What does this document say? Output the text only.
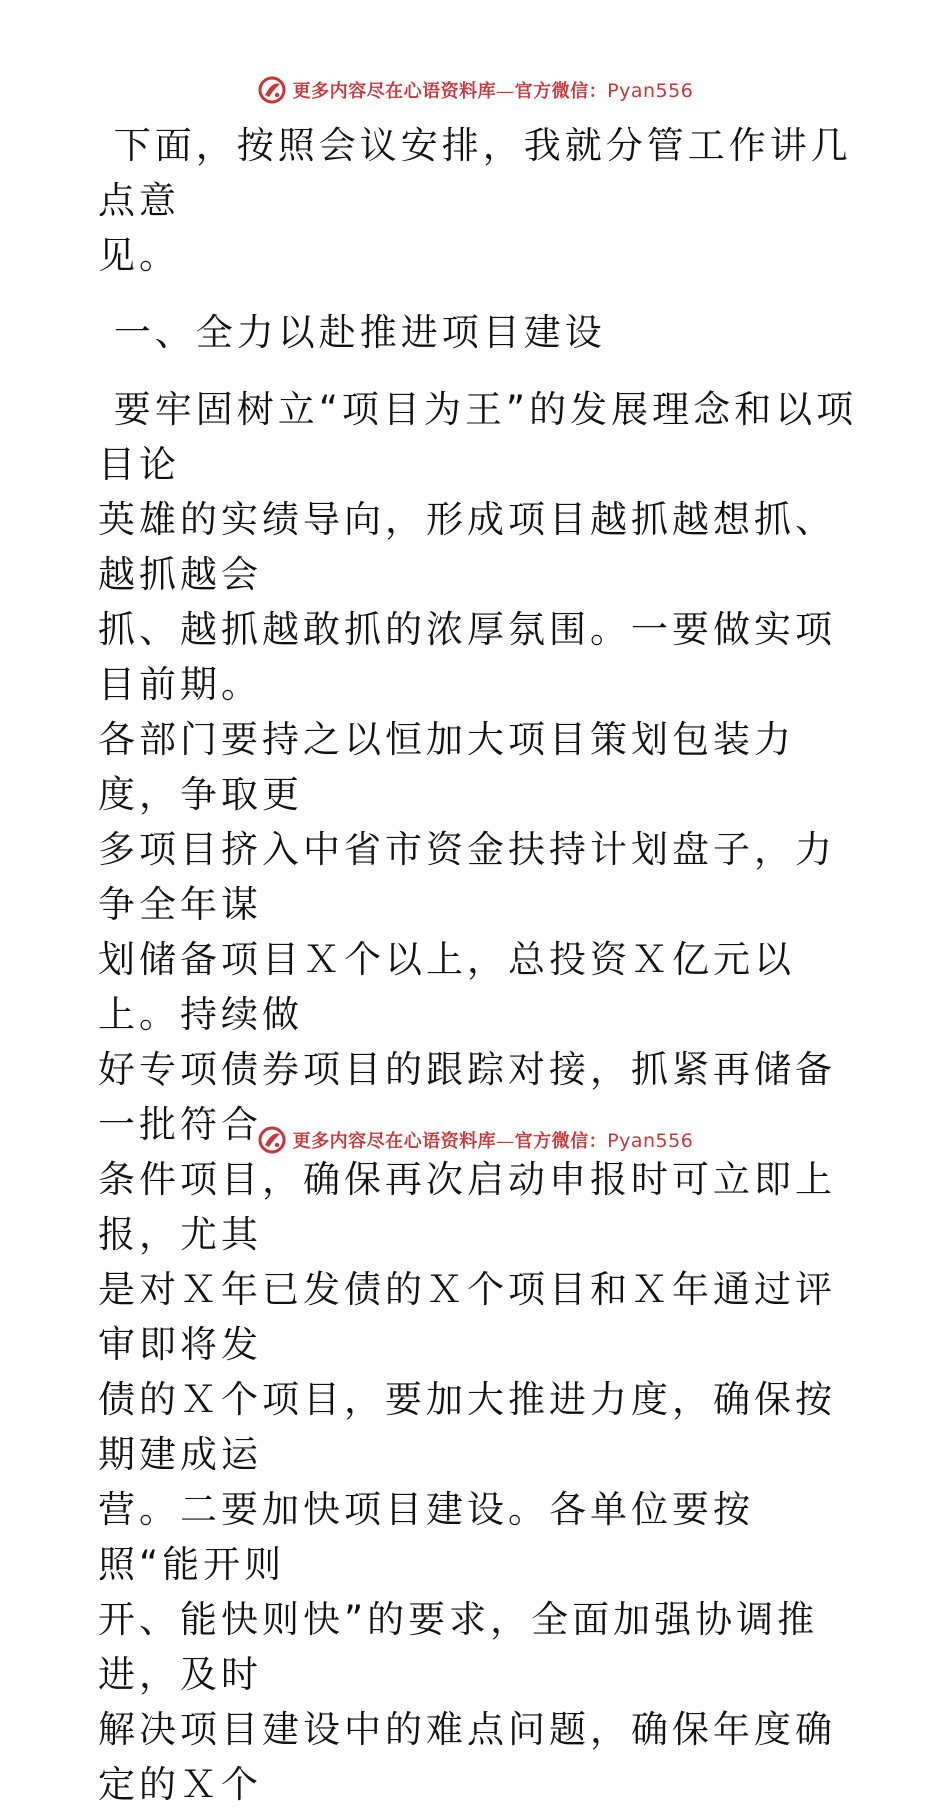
更多内容尽在心语资料库—官方微信：Pyan556

下面，按照会议安排，我就分管工作讲几点意
见。

一、全力以赴推进项目建设

要牢固树立“项目为王”的发展理念和以项目论
英雄的实绩导向，形成项目越抓越想抓、越抓越会
抓、越抓越敢抓的浓厚氛围。一要做实项目前期。
各部门要持之以恒加大项目策划包装力度，争取更
多项目挤入中省市资金扶持计划盘子，力争全年谋
划储备项目Ｘ个以上，总投资Ｘ亿元以上。持续做
好专项债券项目的跟踪对接，抓紧再储备一批符合
条件项目，确保再次启动申报时可立即上报，尤其
是对Ｘ年已发债的Ｘ个项目和Ｘ年通过评审即将发
债的Ｘ个项目，要加大推进力度，确保按期建成运
营。二要加快项目建设。各单位要按照“能开则
开、能快则快”的要求，全面加强协调推进，及时
解决项目建设中的难点问题，确保年度确定的Ｘ个

更多内容尽在心语资料库—官方微信：Pyan556
